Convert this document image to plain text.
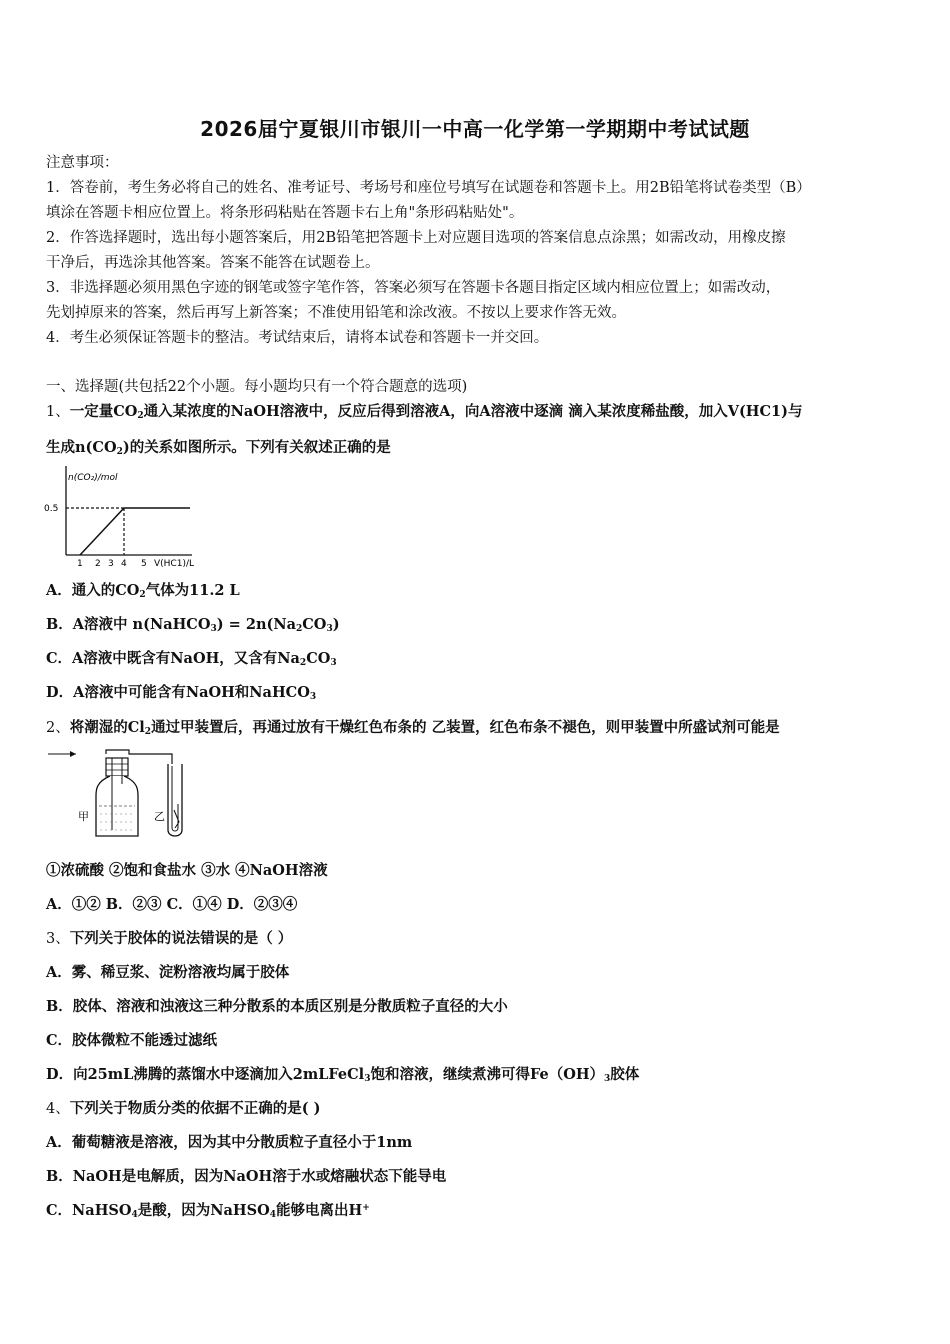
2026届宁夏银川市银川一中高一化学第一学期期中考试试题
注意事项：
1．答卷前，考生务必将自己的姓名、准考证号、考场号和座位号填写在试题卷和答题卡上。用2B铅笔将试卷类型（B）
填涂在答题卡相应位置上。将条形码粘贴在答题卡右上角"条形码粘贴处"。
2．作答选择题时，选出每小题答案后，用2B铅笔把答题卡上对应题目选项的答案信息点涂黑；如需改动，用橡皮擦
干净后，再选涂其他答案。答案不能答在试题卷上。
3．非选择题必须用黑色字迹的钢笔或签字笔作答，答案必须写在答题卡各题目指定区域内相应位置上；如需改动，
先划掉原来的答案，然后再写上新答案；不准使用铅笔和涂改液。不按以上要求作答无效。
4．考生必须保证答题卡的整洁。考试结束后，请将本试卷和答题卡一并交回。
一、选择题(共包括22个小题。每小题均只有一个符合题意的选项)
1、一定量$CO_2$通入某浓度的NaOH溶液中，反应后得到溶液A，向A溶液中逐滴 滴入某浓度稀盐酸，加入V(HC1)与
生成$n(CO_2)$的关系如图所示。下列有关叙述正确的是
n(CO₂)/mol
0.5
1 2 3 4 5 V(HC1)/L
A．通入的$CO_2$气体为11.2 L
B．A溶液中 n(NaHCO$_3$) = $2n(Na_2CO_3)$
C．A溶液中既含有NaOH，又含有$Na_2CO_3$
D．A溶液中可能含有NaOH和NaHCO$_3$
2、将潮湿的$Cl_2$通过甲装置后，再通过放有干燥红色布条的 乙装置，红色布条不褪色，则甲装置中所盛试剂可能是
甲	乙
①浓硫酸 ②饱和食盐水 ③水 ④NaOH溶液
A．①② B．②③ C．①④ D．②③④
3、下列关于胶体的说法错误的是（ ）
A．雾、稀豆浆、淀粉溶液均属于胶体
B．胶体、溶液和浊液这三种分散系的本质区别是分散质粒子直径的大小
C．胶体微粒不能透过滤纸
D．向25mL沸腾的蒸馏水中逐滴加入2mLFeCl$_3$饱和溶液，继续煮沸可得$Fe(OH)_3$胶体
4、下列关于物质分类的依据不正确的是( )
A．葡萄糖液是溶液，因为其中分散质粒子直径小于1nm
B．NaOH是电解质，因为NaOH溶于水或熔融状态下能导电
C．NaHSO$_4$是酸，因为NaHSO$_4$能够电离出H+
